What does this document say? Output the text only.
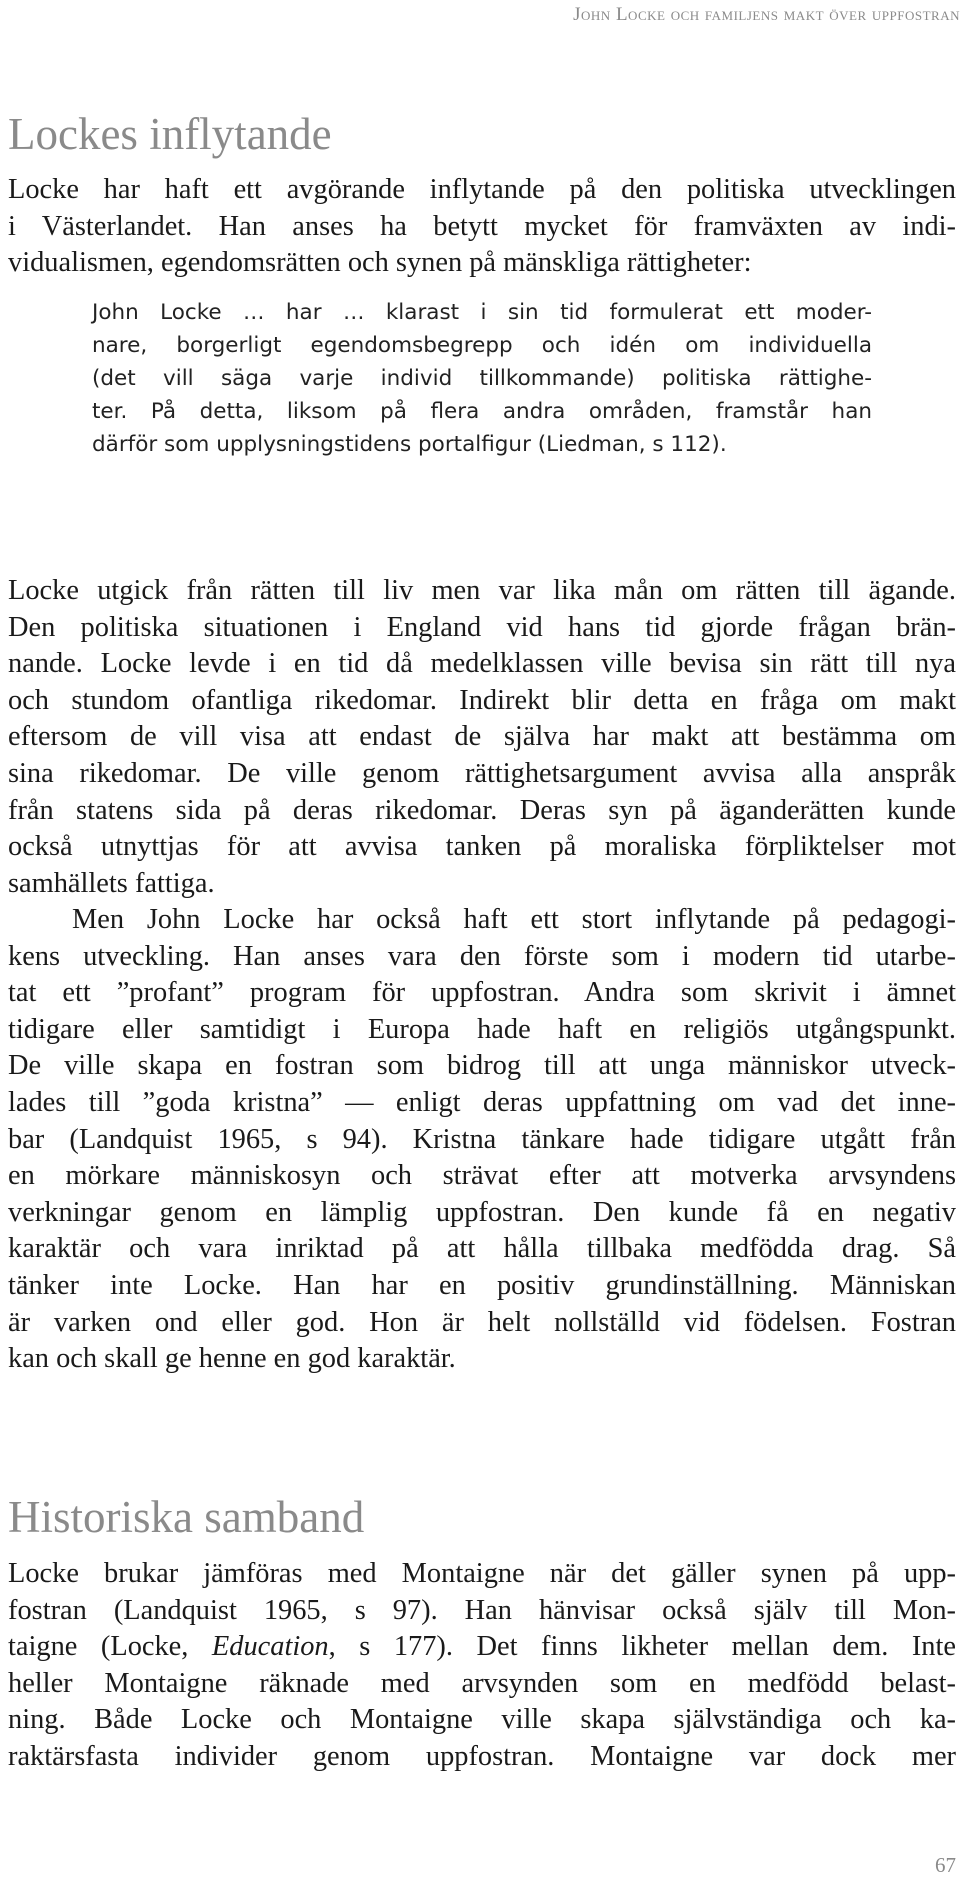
John Locke och familjens makt över uppfostran
Lockes inflytande

Locke har haft ett avgörande inflytande på den politiska utvecklingen
i Västerlandet. Han anses ha betytt mycket för framväxten av indi-
vidualismen, egendomsrätten och synen på mänskliga rättigheter:

John Locke … har … klarast i sin tid formulerat ett moder-
nare, borgerligt egendomsbegrepp och idén om individuella
(det vill säga varje individ tillkommande) politiska rättighe-
ter. På detta, liksom på flera andra områden, framstår han
därför som upplysningstidens portalfigur (Liedman, s 112).

Locke utgick från rätten till liv men var lika mån om rätten till ägande.
Den politiska situationen i England vid hans tid gjorde frågan brän-
nande. Locke levde i en tid då medelklassen ville bevisa sin rätt till nya
och stundom ofantliga rikedomar. Indirekt blir detta en fråga om makt
eftersom de vill visa att endast de själva har makt att bestämma om
sina rikedomar. De ville genom rättighetsargument avvisa alla anspråk
från statens sida på deras rikedomar. Deras syn på äganderätten kunde
också utnyttjas för att avvisa tanken på moraliska förpliktelser mot
samhällets fattiga.

Men John Locke har också haft ett stort inflytande på pedagogi-
kens utveckling. Han anses vara den förste som i modern tid utarbe-
tat ett ”profant” program för uppfostran. Andra som skrivit i ämnet
tidigare eller samtidigt i Europa hade haft en religiös utgångspunkt.
De ville skapa en fostran som bidrog till att unga människor utveck-
lades till ”goda kristna” — enligt deras uppfattning om vad det inne-
bar (Landquist 1965, s 94). Kristna tänkare hade tidigare utgått från
en mörkare människosyn och strävat efter att motverka arvsyndens
verkningar genom en lämplig uppfostran. Den kunde få en negativ
karaktär och vara inriktad på att hålla tillbaka medfödda drag. Så
tänker inte Locke. Han har en positiv grundinställning. Människan
är varken ond eller god. Hon är helt nollställd vid födelsen. Fostran
kan och skall ge henne en god karaktär.

Historiska samband

Locke brukar jämföras med Montaigne när det gäller synen på upp-
fostran (Landquist 1965, s 97). Han hänvisar också själv till Mon-
taigne (Locke, Education, s 177). Det finns likheter mellan dem. Inte
heller Montaigne räknade med arvsynden som en medfödd belast-
ning. Både Locke och Montaigne ville skapa självständiga och ka-
raktärsfasta individer genom uppfostran. Montaigne var dock mer

67
